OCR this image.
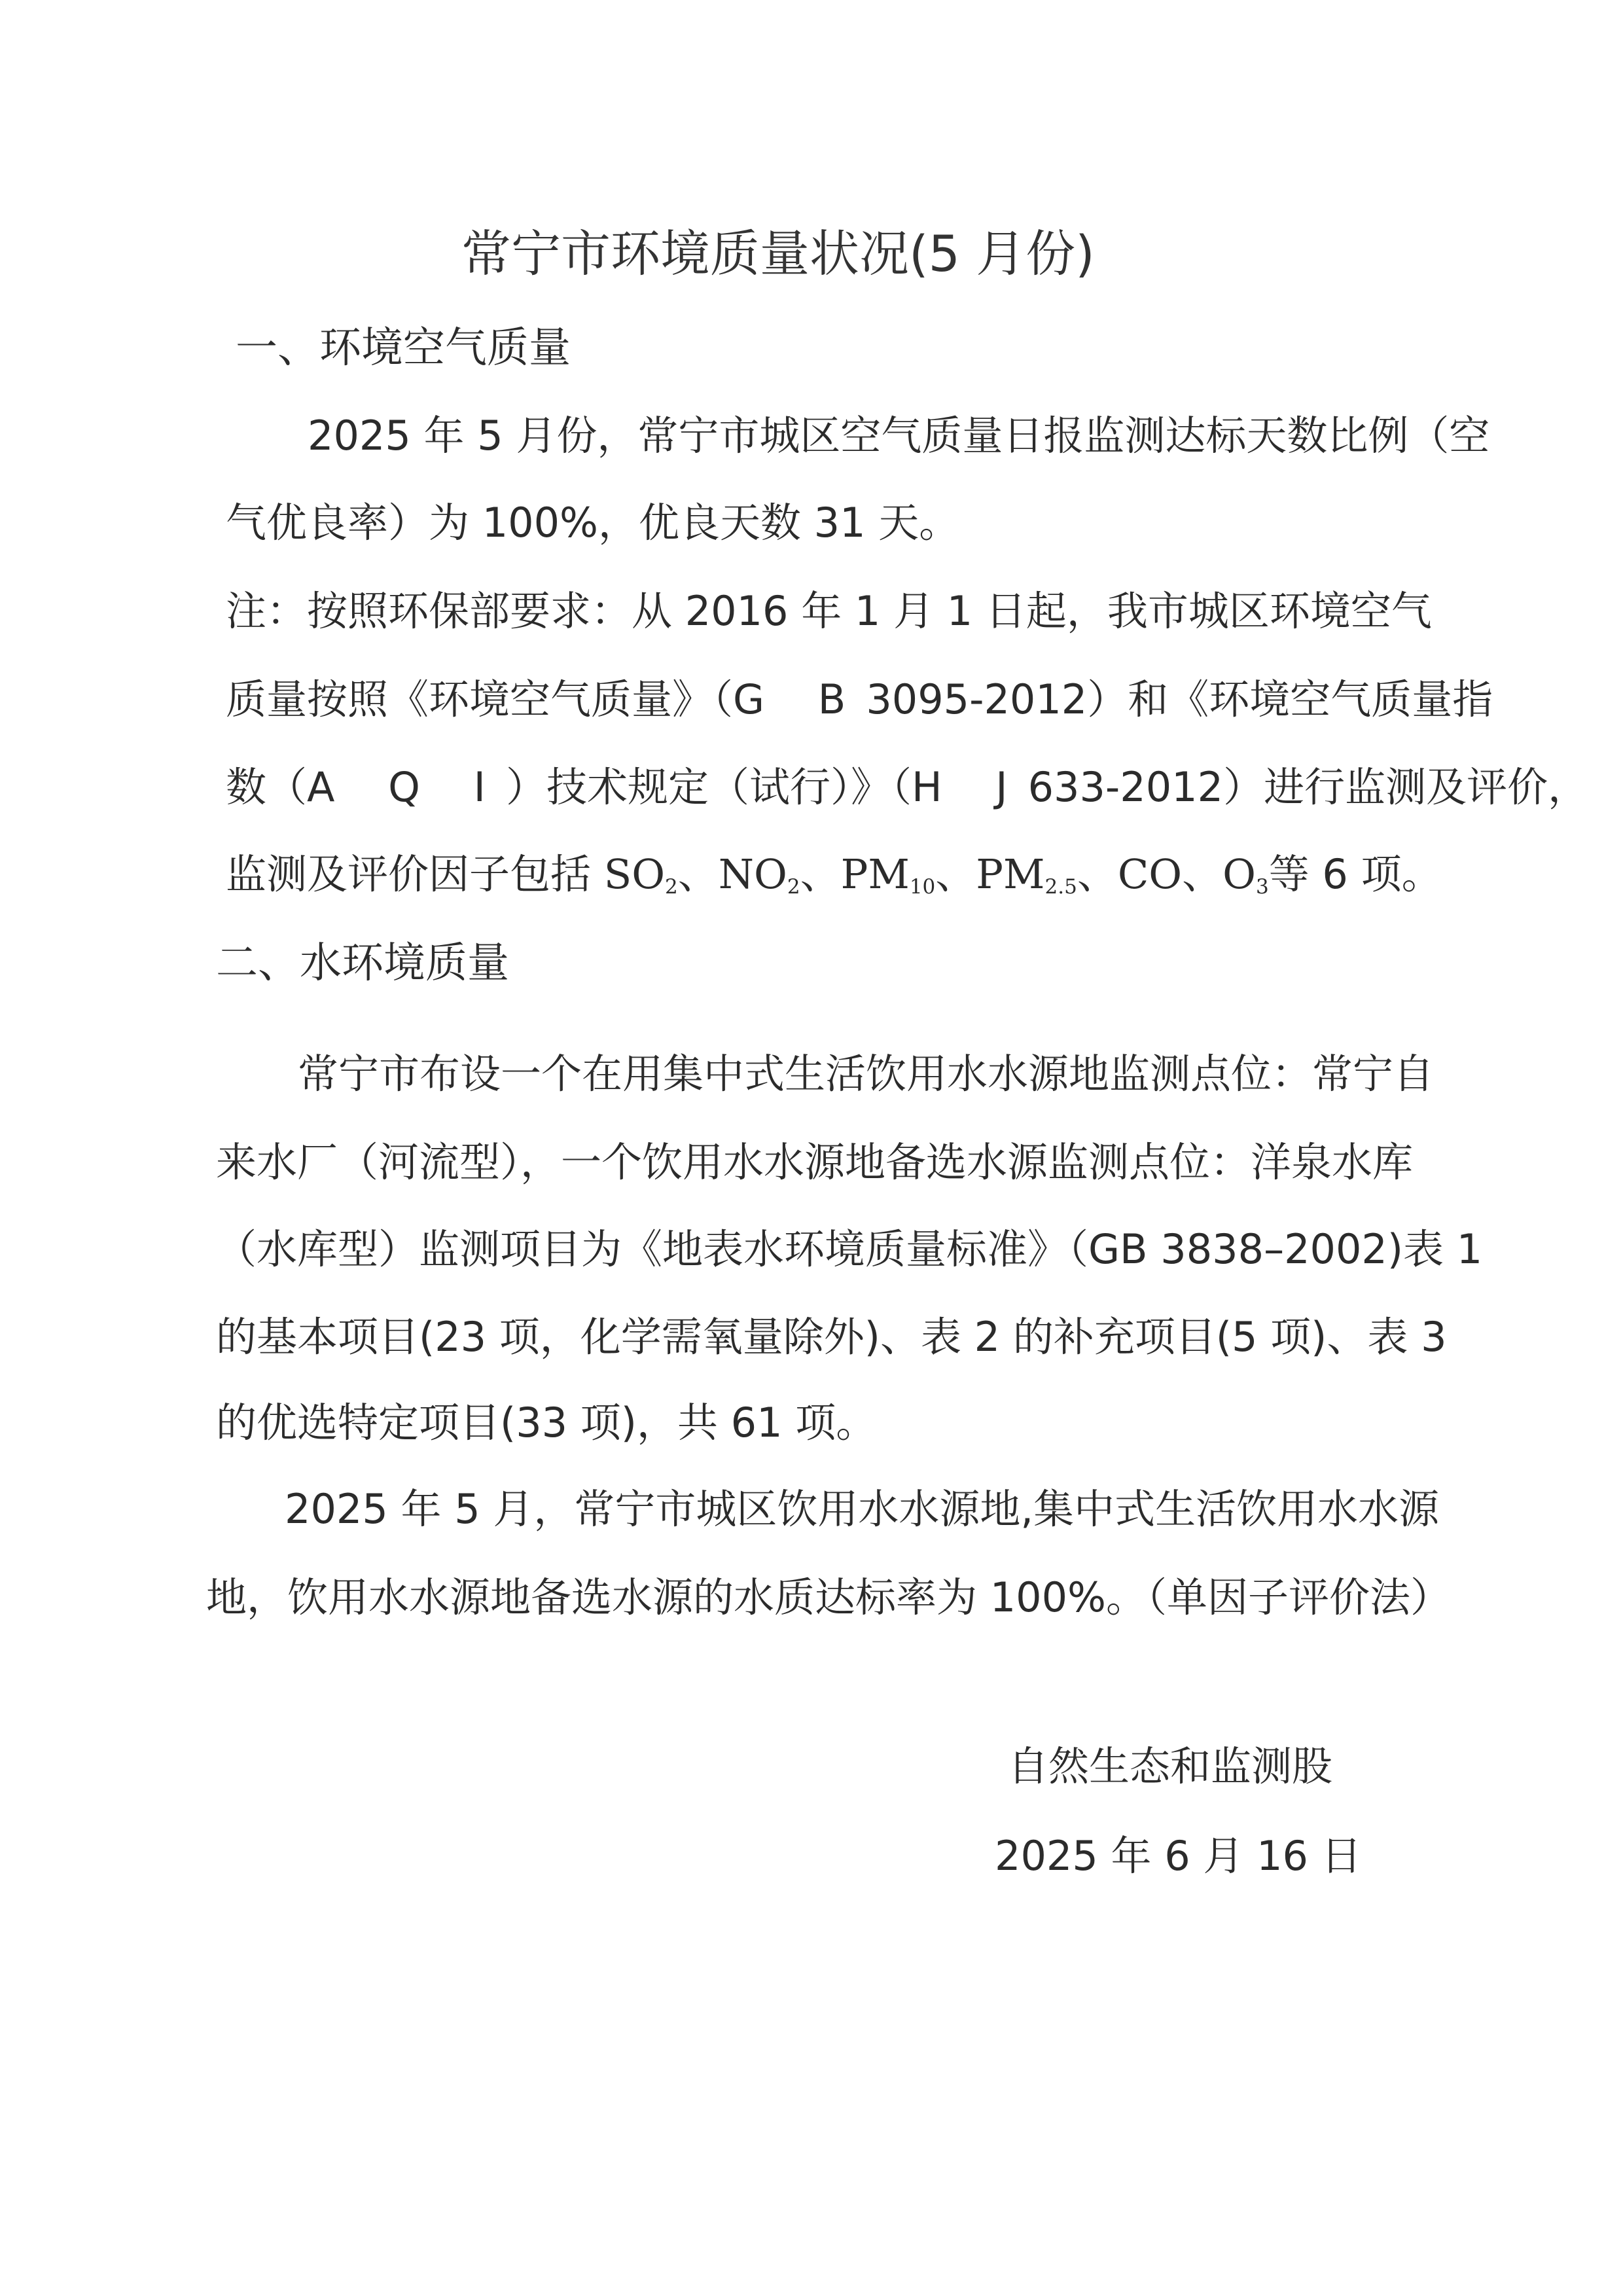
常宁市环境质量状况(5 月份)
一、环境空气质量
2025 年 5 月份，常宁市城区空气质量日报监测达标天数比例（空
气优良率）为 100%，优良天数 31 天。
注：按照环保部要求：从 2016 年 1 月 1 日起，我市城区环境空气
质量按照《环境空气质量》（G B3095-2012）和《环境空气质量指
数（A Q I）技术规定（试行）》（H J633-2012）进行监测及评价，
监测及评价因子包括 $SO_2$、$NO_2$、$PM_{10}$、$PM_{2.5}$、CO、$O_3$等 6 项。
二、水环境质量
常宁市布设一个在用集中式生活饮用水水源地监测点位：常宁自
来水厂（河流型），一个饮用水水源地备选水源监测点位：洋泉水库
（水库型）监测项目为《地表水环境质量标准》（GB 3838–2002)表 1
的基本项目(23 项，化学需氧量除外)、表 2 的补充项目(5 项)、表 3
的优选特定项目(33 项)，共 61 项。
2025 年 5 月，常宁市城区饮用水水源地,集中式生活饮用水水源
地，饮用水水源地备选水源的水质达标率为 100%。（单因子评价法）
自然生态和监测股
2025 年 6 月 16 日
